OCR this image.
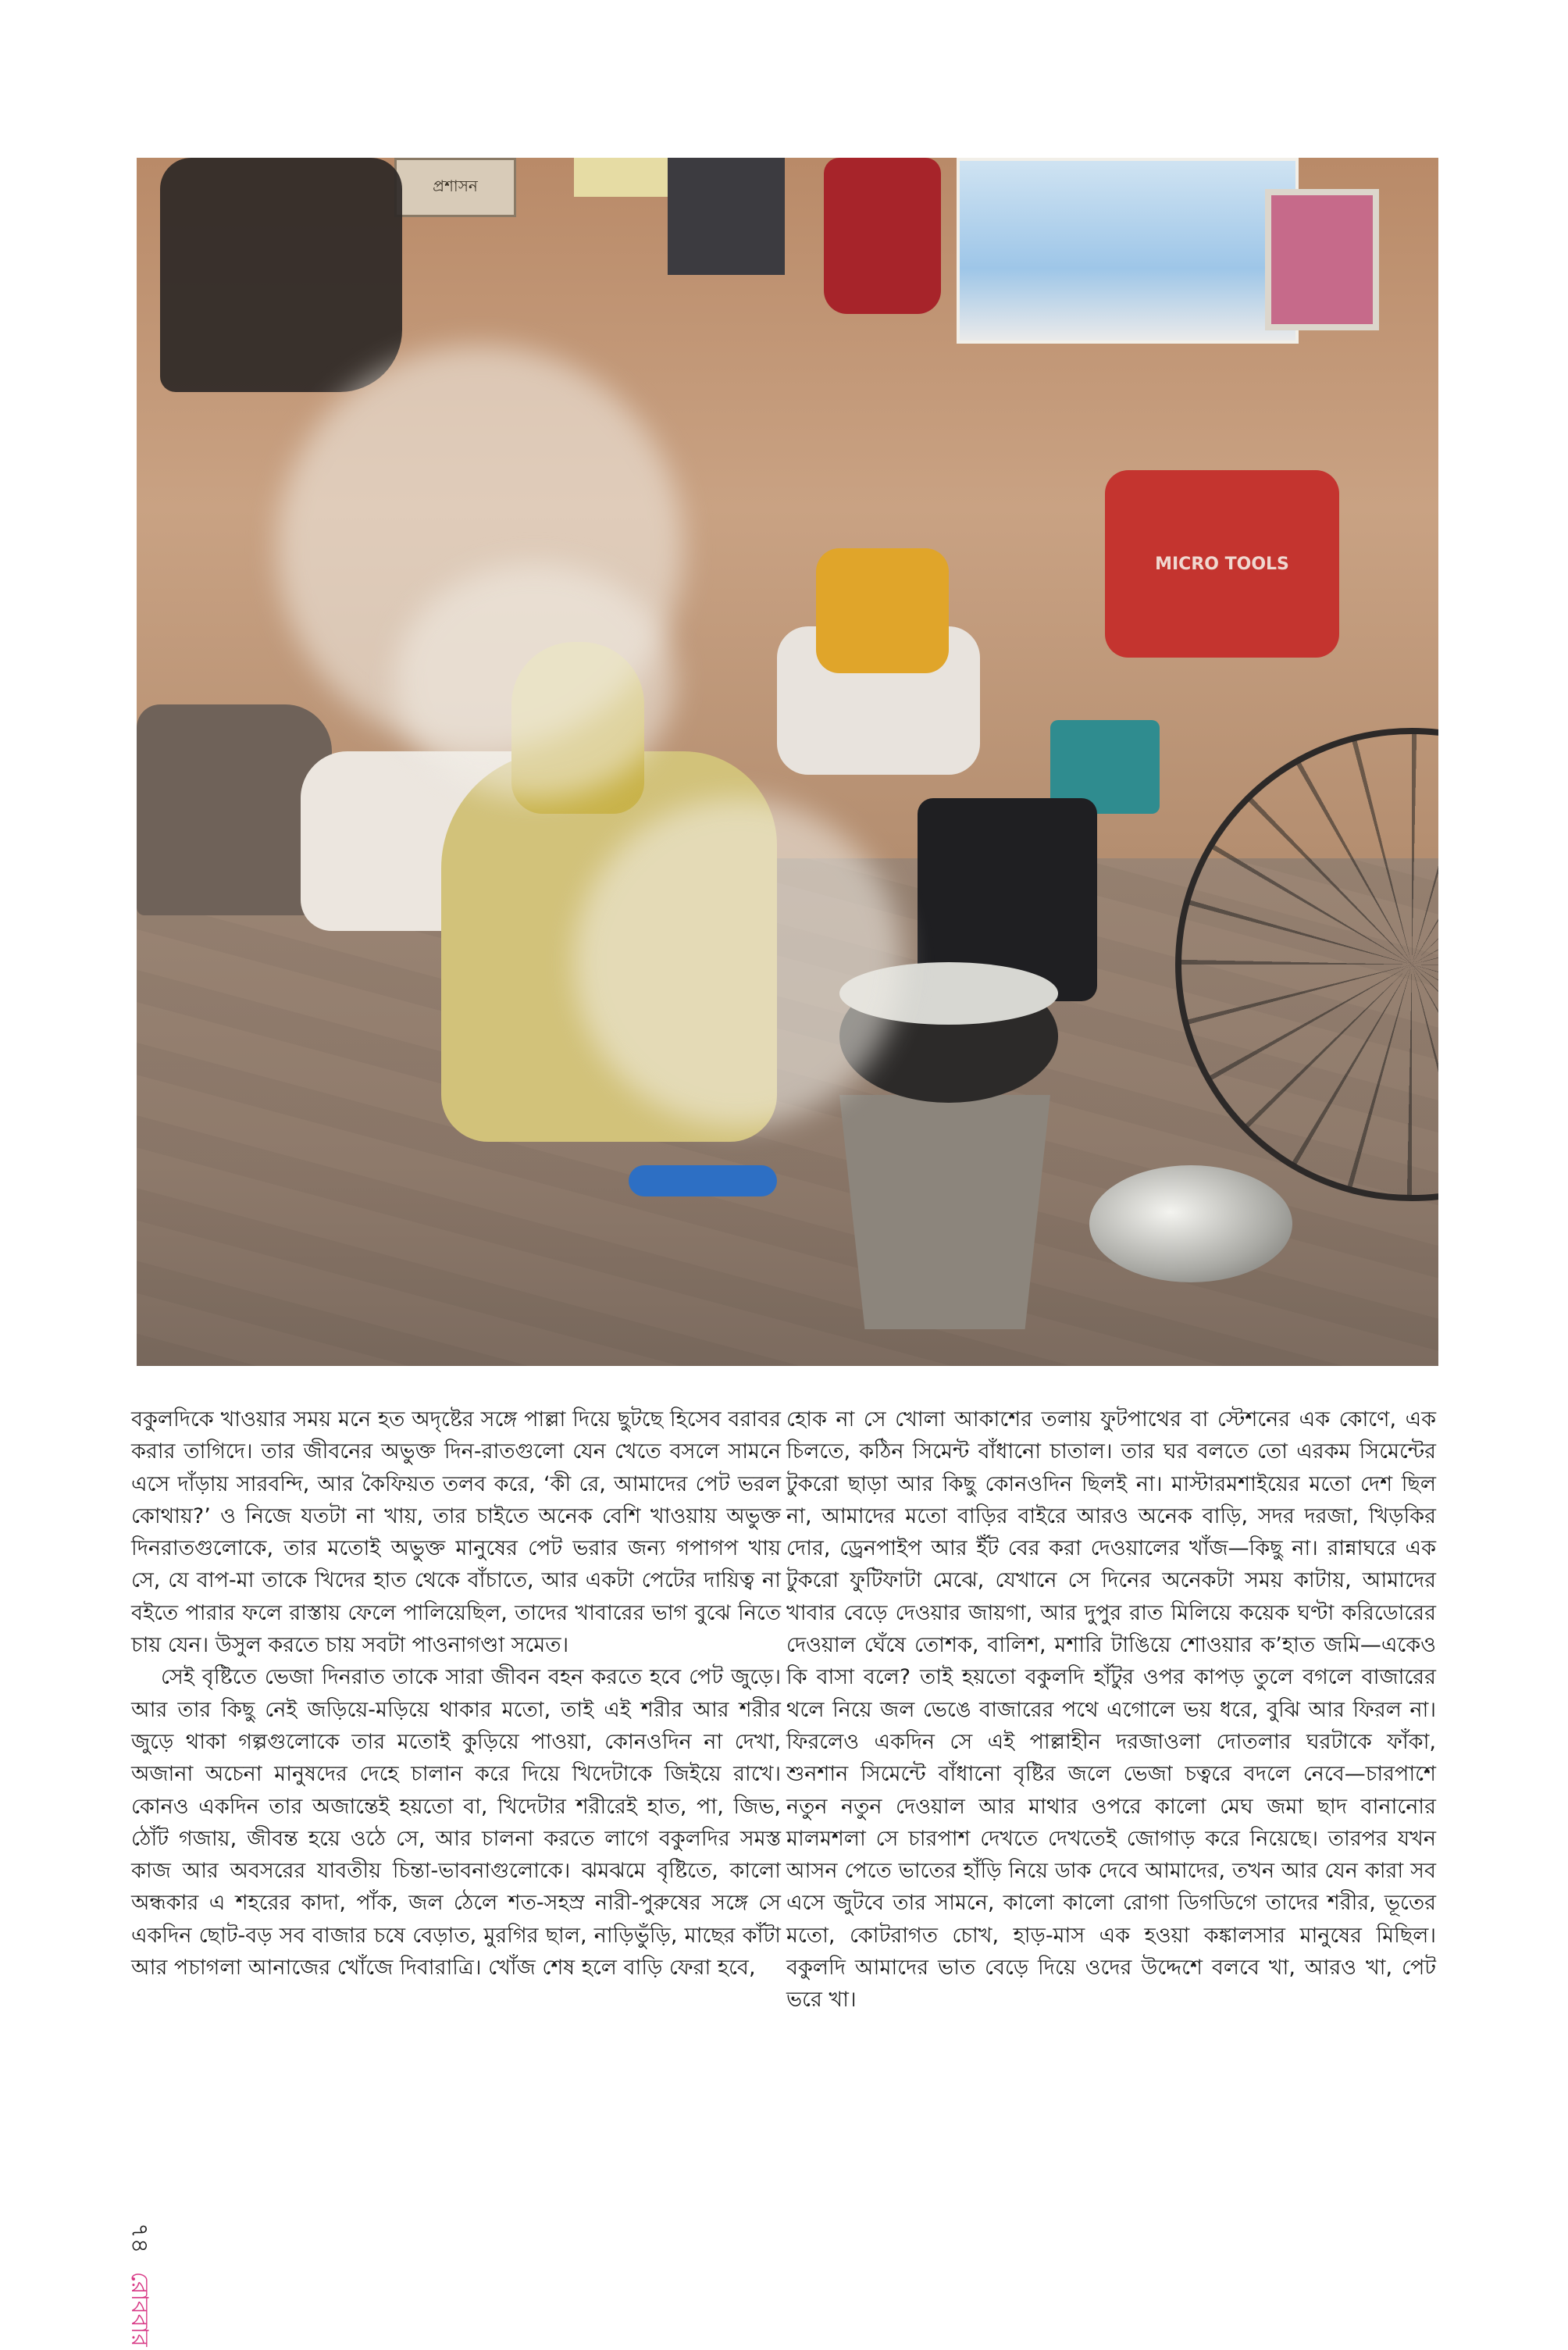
প্রশাসন
MICRO TOOLS

বকুলদিকে খাওয়ার সময় মনে হত অদৃষ্টের সঙ্গে পাল্লা দিয়ে ছুটছে হিসেব বরাবর করার তাগিদে। তার জীবনের অভুক্ত দিন-রাতগুলো যেন খেতে বসলে সামনে এসে দাঁড়ায় সারবন্দি, আর কৈফিয়ত তলব করে, ‘কী রে, আমাদের পেট ভরল কোথায়?’ ও নিজে যতটা না খায়, তার চাইতে অনেক বেশি খাওয়ায় অভুক্ত দিনরাতগুলোকে, তার মতোই অভুক্ত মানুষের পেট ভরার জন্য গপাগপ খায় সে, যে বাপ-মা তাকে খিদের হাত থেকে বাঁচাতে, আর একটা পেটের দায়িত্ব না বইতে পারার ফলে রাস্তায় ফেলে পালিয়েছিল, তাদের খাবারের ভাগ বুঝে নিতে চায় যেন। উসুল করতে চায় সবটা পাওনাগণ্ডা সমেত।

সেই বৃষ্টিতে ভেজা দিনরাত তাকে সারা জীবন বহন করতে হবে পেট জুড়ে। আর তার কিছু নেই জড়িয়ে-মড়িয়ে থাকার মতো, তাই এই শরীর আর শরীর জুড়ে থাকা গল্পগুলোকে তার মতোই কুড়িয়ে পাওয়া, কোনওদিন না দেখা, অজানা অচেনা মানুষদের দেহে চালান করে দিয়ে খিদেটাকে জিইয়ে রাখে। কোনও একদিন তার অজান্তেই হয়তো বা, খিদেটার শরীরেই হাত, পা, জিভ, ঠোঁট গজায়, জীবন্ত হয়ে ওঠে সে, আর চালনা করতে লাগে বকুলদির সমস্ত কাজ আর অবসরের যাবতীয় চিন্তা-ভাবনাগুলোকে। ঝমঝমে বৃষ্টিতে, কালো অন্ধকার এ শহরের কাদা, পাঁক, জল ঠেলে শত-সহস্র নারী-পুরুষের সঙ্গে সে একদিন ছোট-বড় সব বাজার চষে বেড়াত, মুরগির ছাল, নাড়িভুঁড়ি, মাছের কাঁটা আর পচাগলা আনাজের খোঁজে দিবারাত্রি। খোঁজ শেষ হলে বাড়ি ফেরা হবে,

হোক না সে খোলা আকাশের তলায় ফুটপাথের বা স্টেশনের এক কোণে, এক চিলতে, কঠিন সিমেন্ট বাঁধানো চাতাল। তার ঘর বলতে তো এরকম সিমেন্টের টুকরো ছাড়া আর কিছু কোনওদিন ছিলই না। মাস্টারমশাইয়ের মতো দেশ ছিল না, আমাদের মতো বাড়ির বাইরে আরও অনেক বাড়ি, সদর দরজা, খিড়কির দোর, ড্রেনপাইপ আর ইঁট বের করা দেওয়ালের খাঁজ—কিছু না। রান্নাঘরে এক টুকরো ফুটিফাটা মেঝে, যেখানে সে দিনের অনেকটা সময় কাটায়, আমাদের খাবার বেড়ে দেওয়ার জায়গা, আর দুপুর রাত মিলিয়ে কয়েক ঘণ্টা করিডোরের দেওয়াল ঘেঁষে তোশক, বালিশ, মশারি টাঙিয়ে শোওয়ার ক’হাত জমি—একেও কি বাসা বলে? তাই হয়তো বকুলদি হাঁটুর ওপর কাপড় তুলে বগলে বাজারের থলে নিয়ে জল ভেঙে বাজারের পথে এগোলে ভয় ধরে, বুঝি আর ফিরল না। ফিরলেও একদিন সে এই পাল্লাহীন দরজাওলা দোতলার ঘরটাকে ফাঁকা, শুনশান সিমেন্টে বাঁধানো বৃষ্টির জলে ভেজা চত্বরে বদলে নেবে—চারপাশে নতুন নতুন দেওয়াল আর মাথার ওপরে কালো মেঘ জমা ছাদ বানানোর মালমশলা সে চারপাশ দেখতে দেখতেই জোগাড় করে নিয়েছে। তারপর যখন আসন পেতে ভাতের হাঁড়ি নিয়ে ডাক দেবে আমাদের, তখন আর যেন কারা সব এসে জুটবে তার সামনে, কালো কালো রোগা ডিগডিগে তাদের শরীর, ভূতের মতো, কোটরাগত চোখ, হাড়-মাস এক হওয়া কঙ্কালসার মানুষের মিছিল। বকুলদি আমাদের ভাত বেড়ে দিয়ে ওদের উদ্দেশে বলবে খা, আরও খা, পেট ভরে খা।

৭৪ রোববার
